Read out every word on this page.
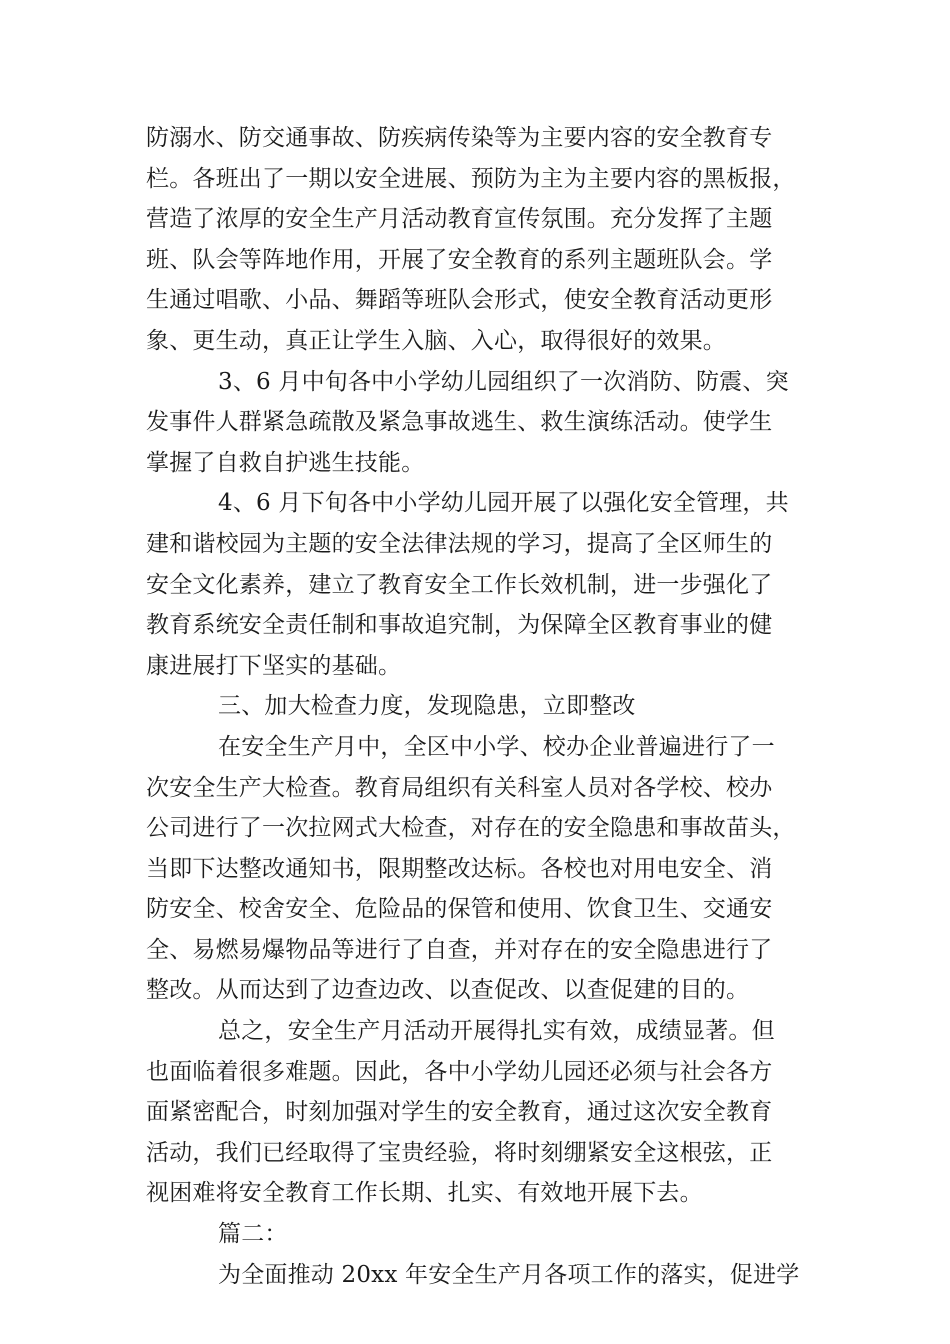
防溺水、防交通事故、防疾病传染等为主要内容的安全教育专
栏。各班出了一期以安全进展、预防为主为主要内容的黑板报，
营造了浓厚的安全生产月活动教育宣传氛围。充分发挥了主题
班、队会等阵地作用，开展了安全教育的系列主题班队会。学
生通过唱歌、小品、舞蹈等班队会形式，使安全教育活动更形
象、更生动，真正让学生入脑、入心，取得很好的效果。
3、6 月中旬各中小学幼儿园组织了一次消防、防震、突
发事件人群紧急疏散及紧急事故逃生、救生演练活动。使学生
掌握了自救自护逃生技能。
4、6 月下旬各中小学幼儿园开展了以强化安全管理，共
建和谐校园为主题的安全法律法规的学习，提高了全区师生的
安全文化素养，建立了教育安全工作长效机制，进一步强化了
教育系统安全责任制和事故追究制，为保障全区教育事业的健
康进展打下坚实的基础。
三、加大检查力度，发现隐患，立即整改
在安全生产月中，全区中小学、校办企业普遍进行了一
次安全生产大检查。教育局组织有关科室人员对各学校、校办
公司进行了一次拉网式大检查，对存在的安全隐患和事故苗头，
当即下达整改通知书，限期整改达标。各校也对用电安全、消
防安全、校舍安全、危险品的保管和使用、饮食卫生、交通安
全、易燃易爆物品等进行了自查，并对存在的安全隐患进行了
整改。从而达到了边查边改、以查促改、以查促建的目的。
总之，安全生产月活动开展得扎实有效，成绩显著。但
也面临着很多难题。因此，各中小学幼儿园还必须与社会各方
面紧密配合，时刻加强对学生的安全教育，通过这次安全教育
活动，我们已经取得了宝贵经验，将时刻绷紧安全这根弦，正
视困难将安全教育工作长期、扎实、有效地开展下去。
篇二：
为全面推动 20xx 年安全生产月各项工作的落实，促进学
